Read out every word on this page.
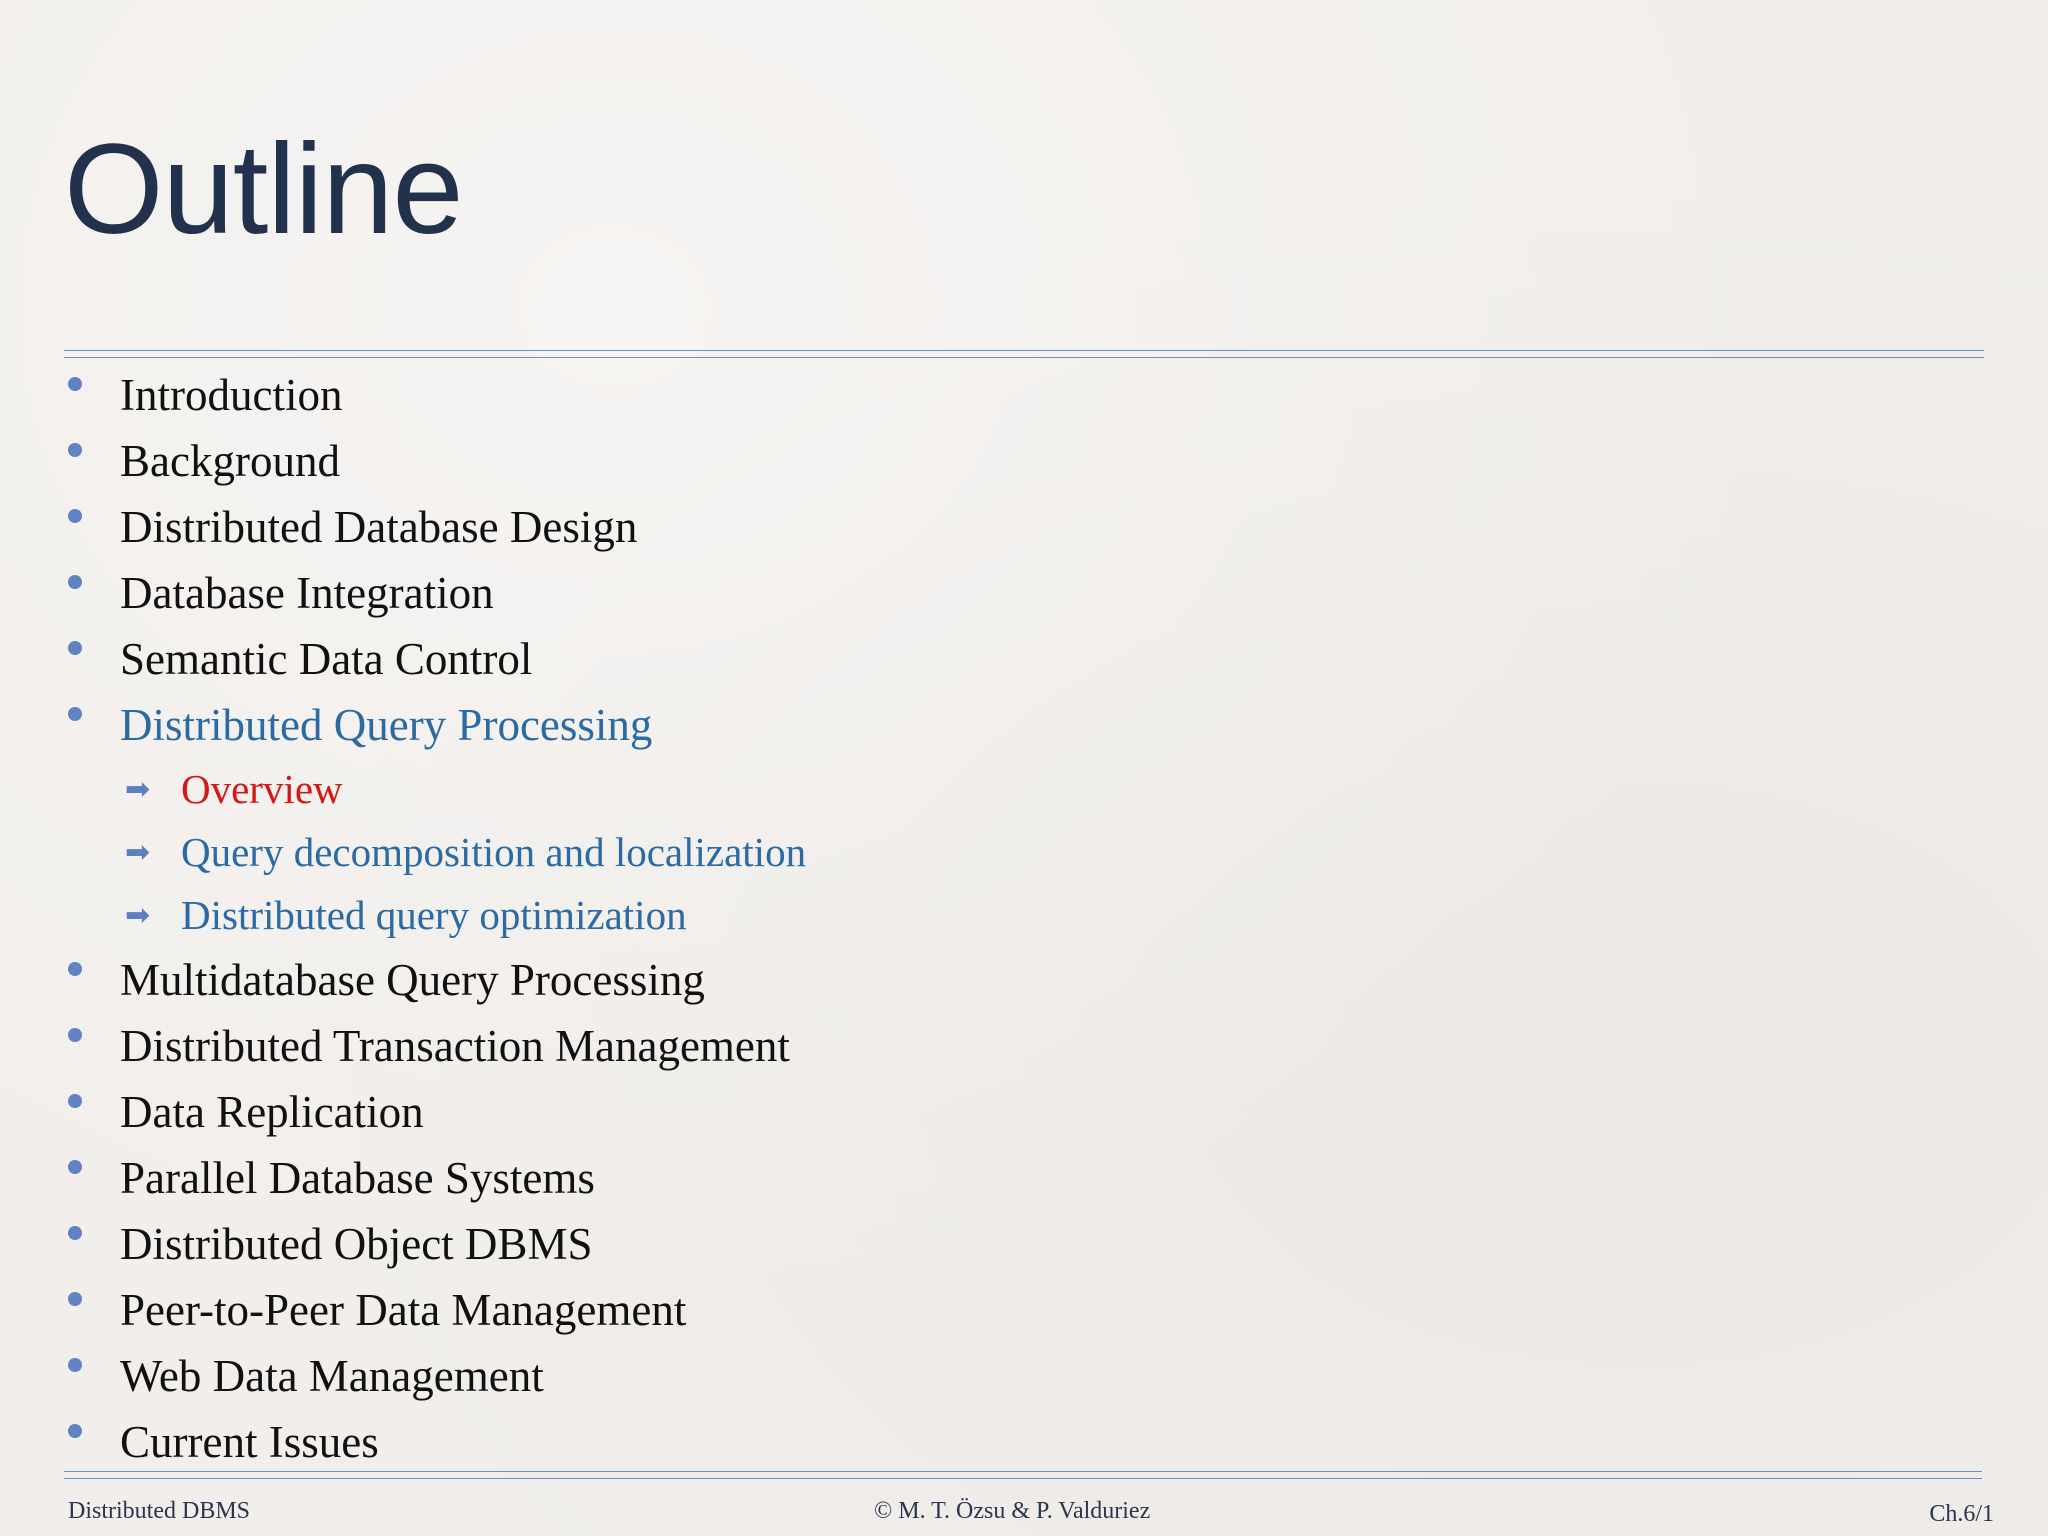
Outline
Introduction
Background
Distributed Database Design
Database Integration
Semantic Data Control
Distributed Query Processing
➡ Overview
➡ Query decomposition and localization
➡ Distributed query optimization
Multidatabase Query Processing
Distributed Transaction Management
Data Replication
Parallel Database Systems
Distributed Object DBMS
Peer-to-Peer Data Management
Web Data Management
Current Issues
Distributed DBMS	© M. T. Özsu & P. Valduriez	Ch.6/1
